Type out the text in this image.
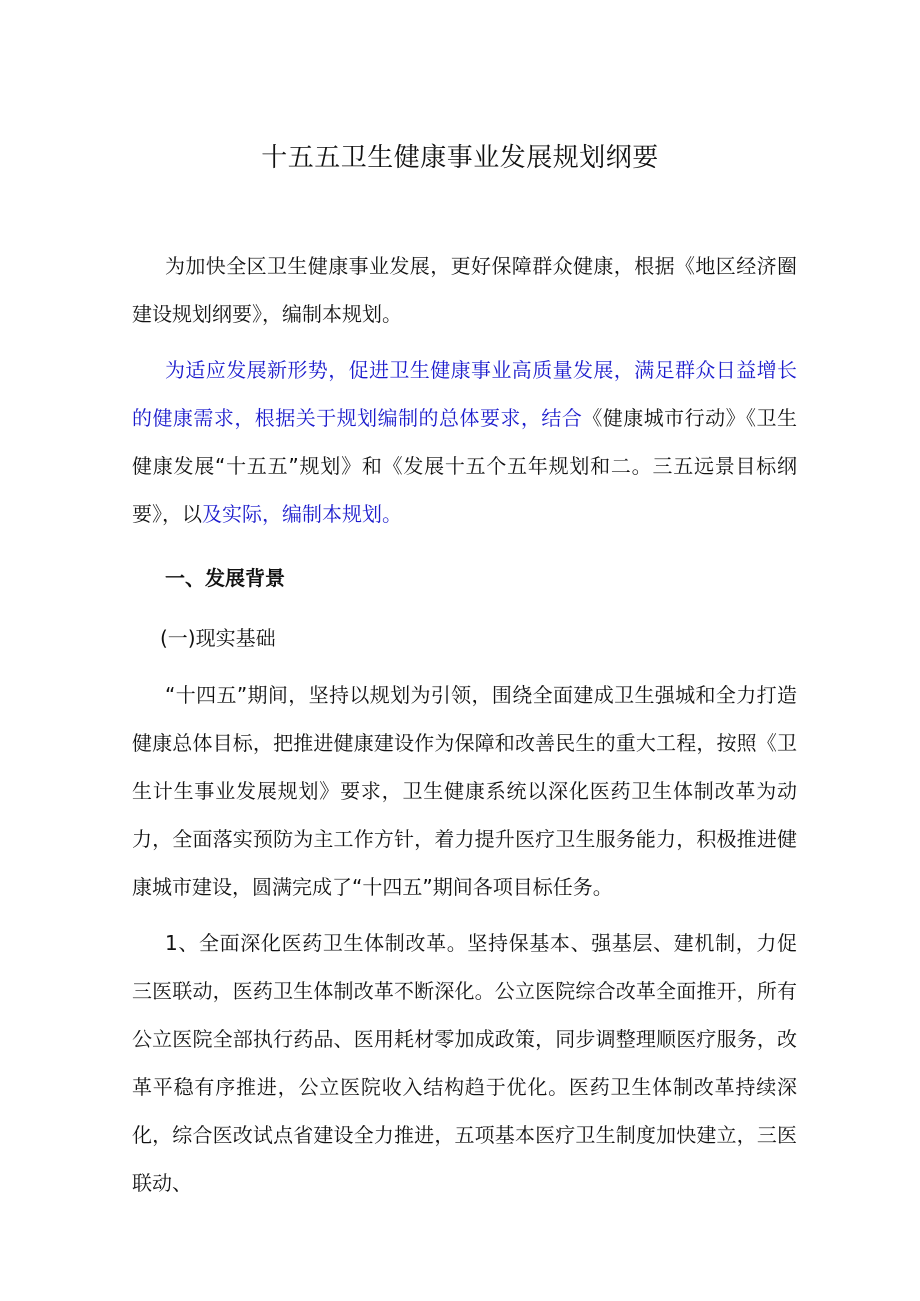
十五五卫生健康事业发展规划纲要

为加快全区卫生健康事业发展，更好保障群众健康，根据《地区经济圈建设规划纲要》，编制本规划。

为适应发展新形势，促进卫生健康事业高质量发展，满足群众日益增长的健康需求，根据关于规划编制的总体要求，结合《健康城市行动》《卫生健康发展“十五五”规划》和《发展十五个五年规划和二。三五远景目标纲要》，以及实际，编制本规划。

一、发展背景
(一)现实基础

“十四五”期间，坚持以规划为引领，围绕全面建成卫生强城和全力打造健康总体目标，把推进健康建设作为保障和改善民生的重大工程，按照《卫生计生事业发展规划》要求，卫生健康系统以深化医药卫生体制改革为动力，全面落实预防为主工作方针，着力提升医疗卫生服务能力，积极推进健康城市建设，圆满完成了“十四五”期间各项目标任务。

1、全面深化医药卫生体制改革。坚持保基本、强基层、建机制，力促三医联动，医药卫生体制改革不断深化。公立医院综合改革全面推开，所有公立医院全部执行药品、医用耗材零加成政策，同步调整理顺医疗服务，改革平稳有序推进，公立医院收入结构趋于优化。医药卫生体制改革持续深化，综合医改试点省建设全力推进，五项基本医疗卫生制度加快建立，三医联动、
